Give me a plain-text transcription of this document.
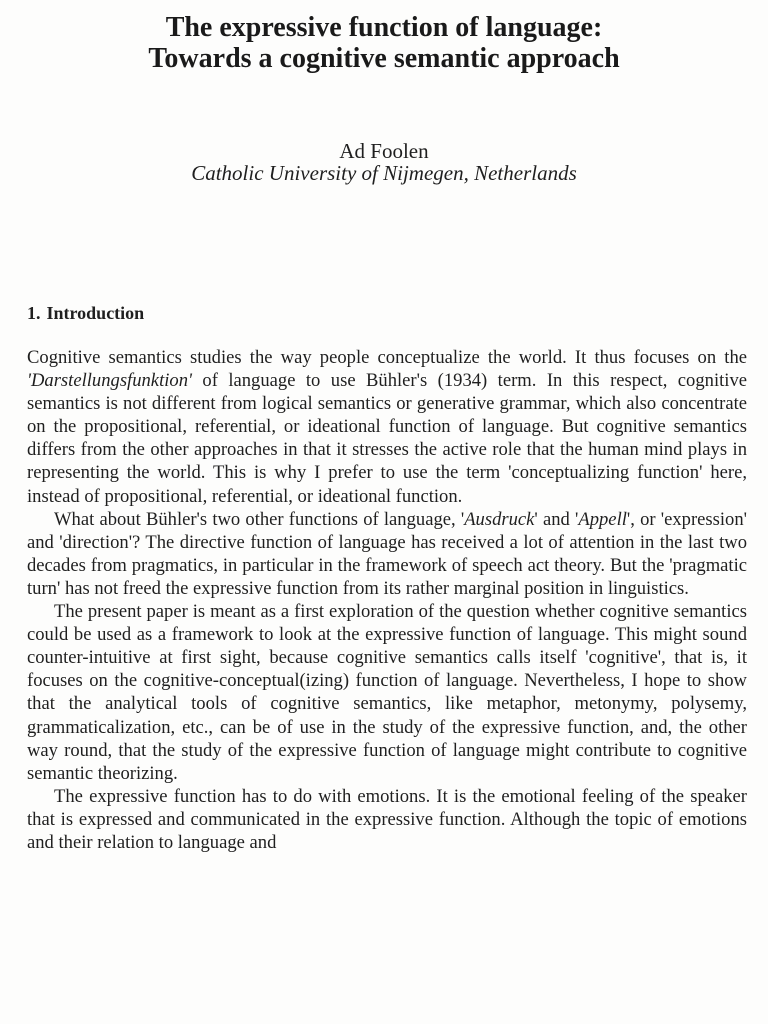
The expressive function of language:
Towards a cognitive semantic approach
Ad Foolen
Catholic University of Nijmegen, Netherlands
1. Introduction

Cognitive semantics studies the way people conceptualize the world. It thus focuses on the 'Darstellungsfunktion' of language to use Bühler's (1934) term. In this respect, cognitive semantics is not different from logical semantics or generative grammar, which also concentrate on the propositional, referential, or ideational function of language. But cognitive semantics differs from the other approaches in that it stresses the active role that the human mind plays in representing the world. This is why I prefer to use the term 'conceptualizing function' here, instead of propositional, referential, or ideational function.

What about Bühler's two other functions of language, 'Ausdruck' and 'Appell', or 'expression' and 'direction'? The directive function of language has received a lot of attention in the last two decades from pragmatics, in particular in the framework of speech act theory. But the 'pragmatic turn' has not freed the expressive function from its rather marginal position in linguistics.

The present paper is meant as a first exploration of the question whether cognitive semantics could be used as a framework to look at the expressive function of language. This might sound counter-intuitive at first sight, because cognitive semantics calls itself 'cognitive', that is, it focuses on the cognitive-conceptual(izing) function of language. Nevertheless, I hope to show that the analytical tools of cognitive semantics, like metaphor, metonymy, polysemy, grammaticalization, etc., can be of use in the study of the expressive function, and, the other way round, that the study of the expressive function of language might contribute to cognitive semantic theorizing.

The expressive function has to do with emotions. It is the emotional feeling of the speaker that is expressed and communicated in the expressive function. Although the topic of emotions and their relation to language and
